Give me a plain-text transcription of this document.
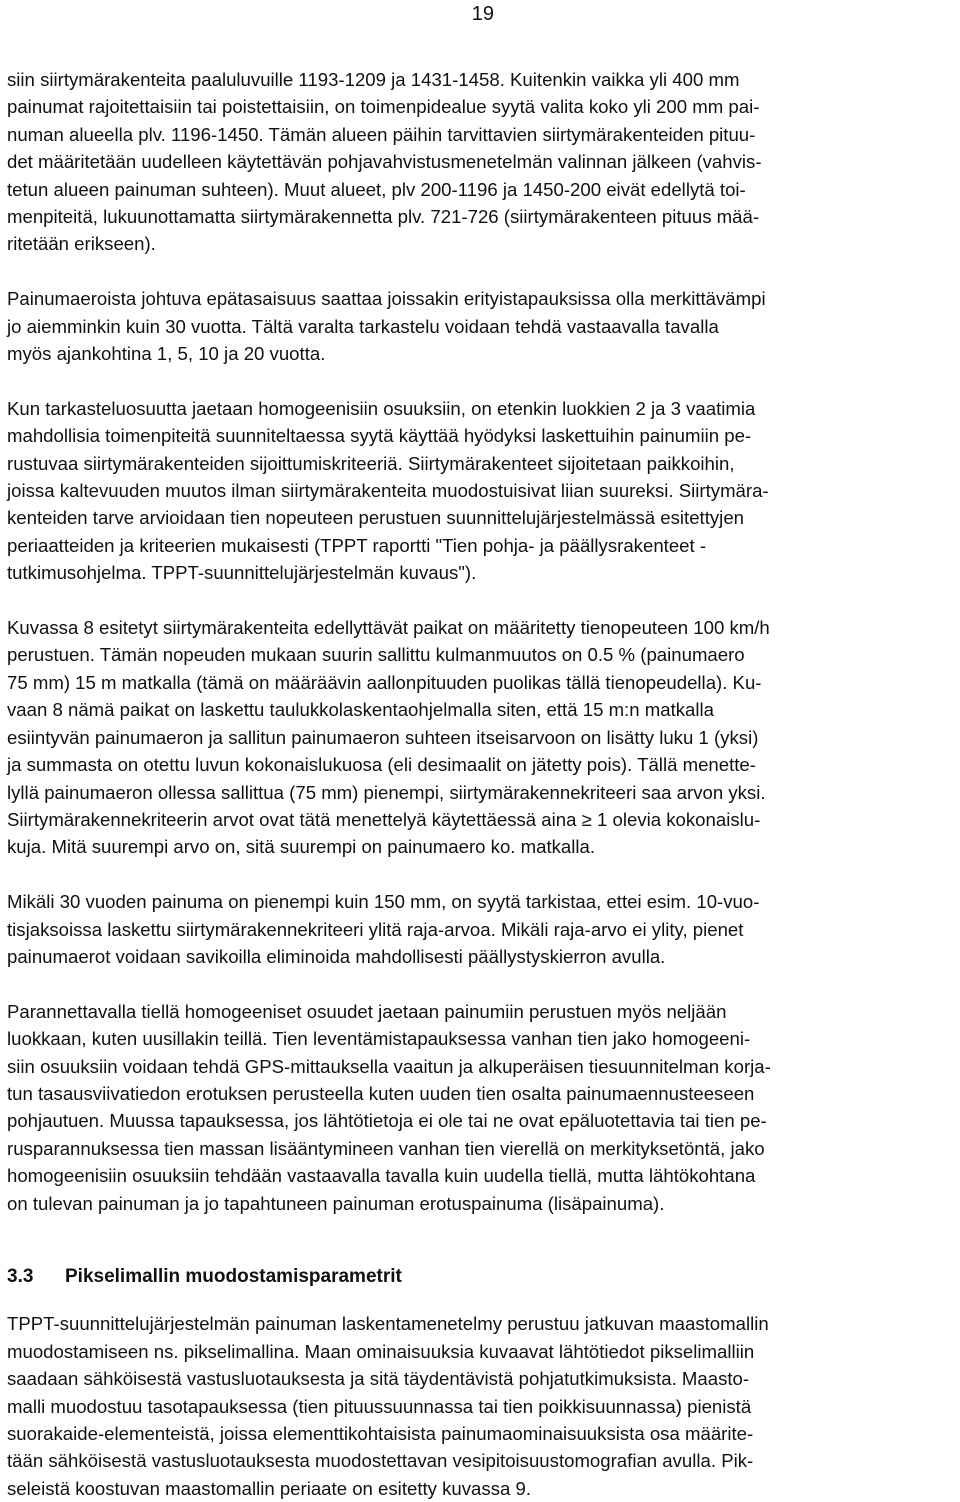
19
siin siirtymärakenteita paaluluvuille 1193-1209 ja 1431-1458. Kuitenkin vaikka yli 400 mm
painumat rajoitettaisiin tai poistettaisiin, on toimenpidealue syytä valita koko yli 200 mm pai-
numan alueella plv. 1196-1450. Tämän alueen päihin tarvittavien siirtymärakenteiden pituu-
det määritetään uudelleen käytettävän pohjavahvistusmenetelmän valinnan jälkeen (vahvis-
tetun alueen painuman suhteen). Muut alueet, plv 200-1196 ja 1450-200 eivät edellytä toi-
menpiteitä, lukuunottamatta siirtymärakennetta plv. 721-726 (siirtymärakenteen pituus mää-
ritetään erikseen).
Painumaeroista johtuva epätasaisuus saattaa joissakin erityistapauksissa olla merkittävämpi
jo aiemminkin kuin 30 vuotta. Tältä varalta tarkastelu voidaan tehdä vastaavalla tavalla
myös ajankohtina 1, 5, 10 ja 20 vuotta.
Kun tarkasteluosuutta jaetaan homogeenisiin osuuksiin, on etenkin luokkien 2 ja 3 vaatimia
mahdollisia toimenpiteitä suunniteltaessa syytä käyttää hyödyksi laskettuihin painumiin pe-
rustuvaa siirtymärakenteiden sijoittumiskriteeriä. Siirtymärakenteet sijoitetaan paikkoihin,
joissa kaltevuuden muutos ilman siirtymärakenteita muodostuisivat liian suureksi. Siirtymära-
kenteiden tarve arvioidaan tien nopeuteen perustuen suunnittelujärjestelmässä esitettyjen
periaatteiden ja kriteerien mukaisesti (TPPT raportti "Tien pohja- ja päällysrakenteet -
tutkimusohjelma. TPPT-suunnittelujärjestelmän kuvaus").
Kuvassa 8 esitetyt siirtymärakenteita edellyttävät paikat on määritetty tienopeuteen 100 km/h
perustuen. Tämän nopeuden mukaan suurin sallittu kulmanmuutos on 0.5 % (painumaero
75 mm) 15 m matkalla (tämä on määräävin aallonpituuden puolikas tällä tienopeudella). Ku-
vaan 8 nämä paikat on laskettu taulukkolaskentaohjelmalla siten, että 15 m:n matkalla
esiintyvän painumaeron ja sallitun painumaeron suhteen itseisarvoon on lisätty luku 1 (yksi)
ja summasta on otettu luvun kokonaislukuosa (eli desimaalit on jätetty pois). Tällä menette-
lyllä painumaeron ollessa sallittua (75 mm) pienempi, siirtymärakennekriteeri saa arvon yksi.
Siirtymärakennekriteerin arvot ovat tätä menettelyä käytettäessä aina ≥ 1 olevia kokonaislu-
kuja. Mitä suurempi arvo on, sitä suurempi on painumaero ko. matkalla.
Mikäli 30 vuoden painuma on pienempi kuin 150 mm, on syytä tarkistaa, ettei esim. 10-vuo-
tisjaksoissa laskettu siirtymärakennekriteeri ylitä raja-arvoa. Mikäli raja-arvo ei ylity, pienet
painumaerot voidaan savikoilla eliminoida mahdollisesti päällystyskierron avulla.
Parannettavalla tiellä homogeeniset osuudet jaetaan painumiin perustuen myös neljään
luokkaan, kuten uusillakin teillä. Tien leventämistapauksessa vanhan tien jako homogeeni-
siin osuuksiin voidaan tehdä GPS-mittauksella vaaitun ja alkuperäisen tiesuunnitelman korja-
tun tasausviivatiedon erotuksen perusteella kuten uuden tien osalta painumaennusteeseen
pohjautuen. Muussa tapauksessa, jos lähtötietoja ei ole tai ne ovat epäluotettavia tai tien pe-
rusparannuksessa tien massan lisääntymineen vanhan tien vierellä on merkityksetöntä, jako
homogeenisiin osuuksiin tehdään vastaavalla tavalla kuin uudella tiellä, mutta lähtökohtana
on tulevan painuman ja jo tapahtuneen painuman erotuspainuma (lisäpainuma).
3.3 Pikselimallin muodostamisparametrit
TPPT-suunnittelujärjestelmän painuman laskentamenetelmy perustuu jatkuvan maastomallin
muodostamiseen ns. pikselimallina. Maan ominaisuuksia kuvaavat lähtötiedot pikselimalliin
saadaan sähköisestä vastusluotauksesta ja sitä täydentävistä pohjatutkimuksista. Maasto-
malli muodostuu tasotapauksessa (tien pituussuunnassa tai tien poikkisuunnassa) pienistä
suorakaide-elementeistä, joissa elementtikohtaisista painumaominaisuuksista osa määrite-
tään sähköisestä vastusluotauksesta muodostettavan vesipitoisuustomografian avulla. Pik-
seleistä koostuvan maastomallin periaate on esitetty kuvassa 9.
